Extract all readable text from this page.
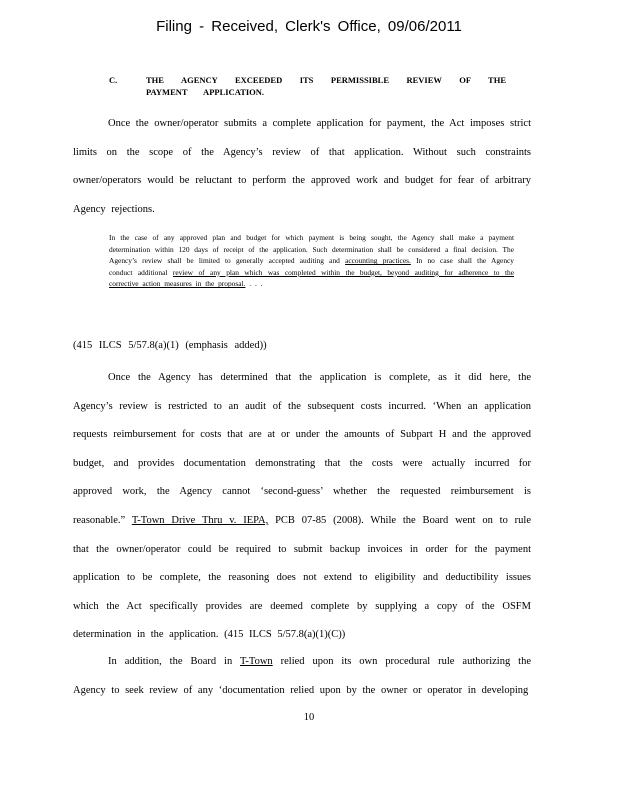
Filing - Received, Clerk's Office, 09/06/2011
C.	THE AGENCY EXCEEDED ITS PERMISSIBLE REVIEW OF THE PAYMENT APPLICATION.

Once the owner/operator submits a complete application for payment, the Act imposes strict limits on the scope of the Agency’s review of that application. Without such constraints owner/operators would be reluctant to perform the approved work and budget for fear of arbitrary Agency rejections.

In the case of any approved plan and budget for which payment is being sought, the Agency shall make a payment determination within 120 days of receipt of the application. Such determination shall be considered a final decision. The Agency’s review shall be limited to generally accepted auditing and accounting practices. In no case shall the Agency conduct additional review of any plan which was completed within the budget, beyond auditing for adherence to the corrective action measures in the proposal. . . .

(415 ILCS 5/57.8(a)(1) (emphasis added))

Once the Agency has determined that the application is complete, as it did here, the Agency’s review is restricted to an audit of the subsequent costs incurred. ‘When an application requests reimbursement for costs that are at or under the amounts of Subpart H and the approved budget, and provides documentation demonstrating that the costs were actually incurred for approved work, the Agency cannot ‘second-guess’ whether the requested reimbursement is reasonable.” T-Town Drive Thru v. IEPA, PCB 07-85 (2008). While the Board went on to rule that the owner/operator could be required to submit backup invoices in order for the payment application to be complete, the reasoning does not extend to eligibility and deductibility issues which the Act specifically provides are deemed complete by supplying a copy of the OSFM determination in the application. (415 ILCS 5/57.8(a)(1)(C))

In addition, the Board in T-Town relied upon its own procedural rule authorizing the Agency to seek review of any ‘documentation relied upon by the owner or operator in developing

10
